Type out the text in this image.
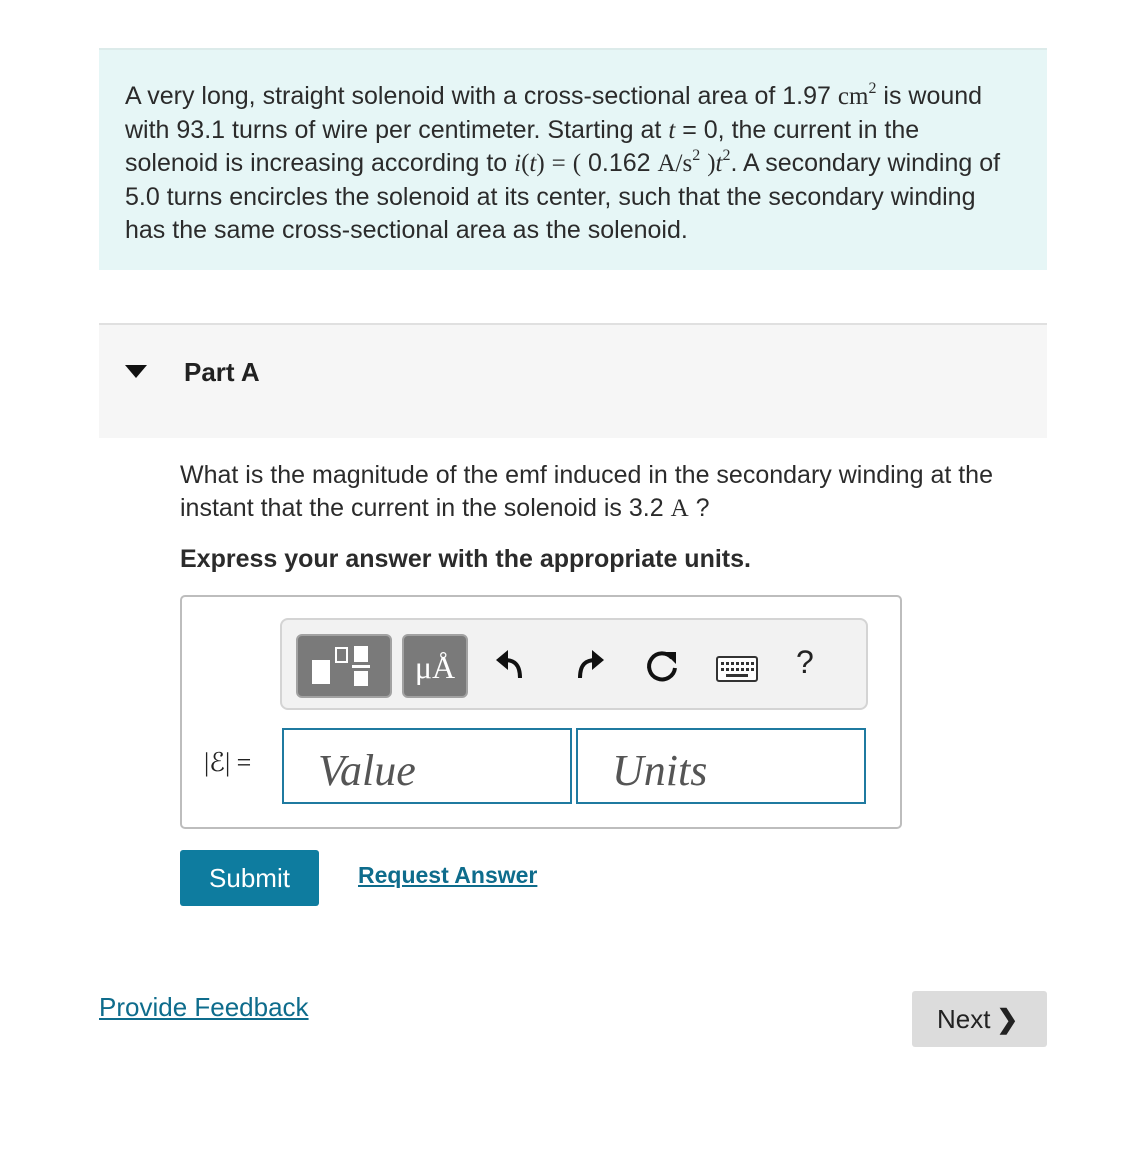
A very long, straight solenoid with a cross-sectional area of 1.97 $cm^2$ is wound with 93.1 turns of wire per centimeter. Starting at t = 0, the current in the solenoid is increasing according to i(t) = ( 0.162 $A/s^2$ )$t^2$. A secondary winding of 5.0 turns encircles the solenoid at its center, such that the secondary winding has the same cross-sectional area as the solenoid.
Part A
What is the magnitude of the emf induced in the secondary winding at the instant that the current in the solenoid is 3.2 A ?
Express your answer with the appropriate units.
μÅ	?
|ℰ| =
Value
Units
Submit	Request Answer
Provide Feedback	Next ❯
